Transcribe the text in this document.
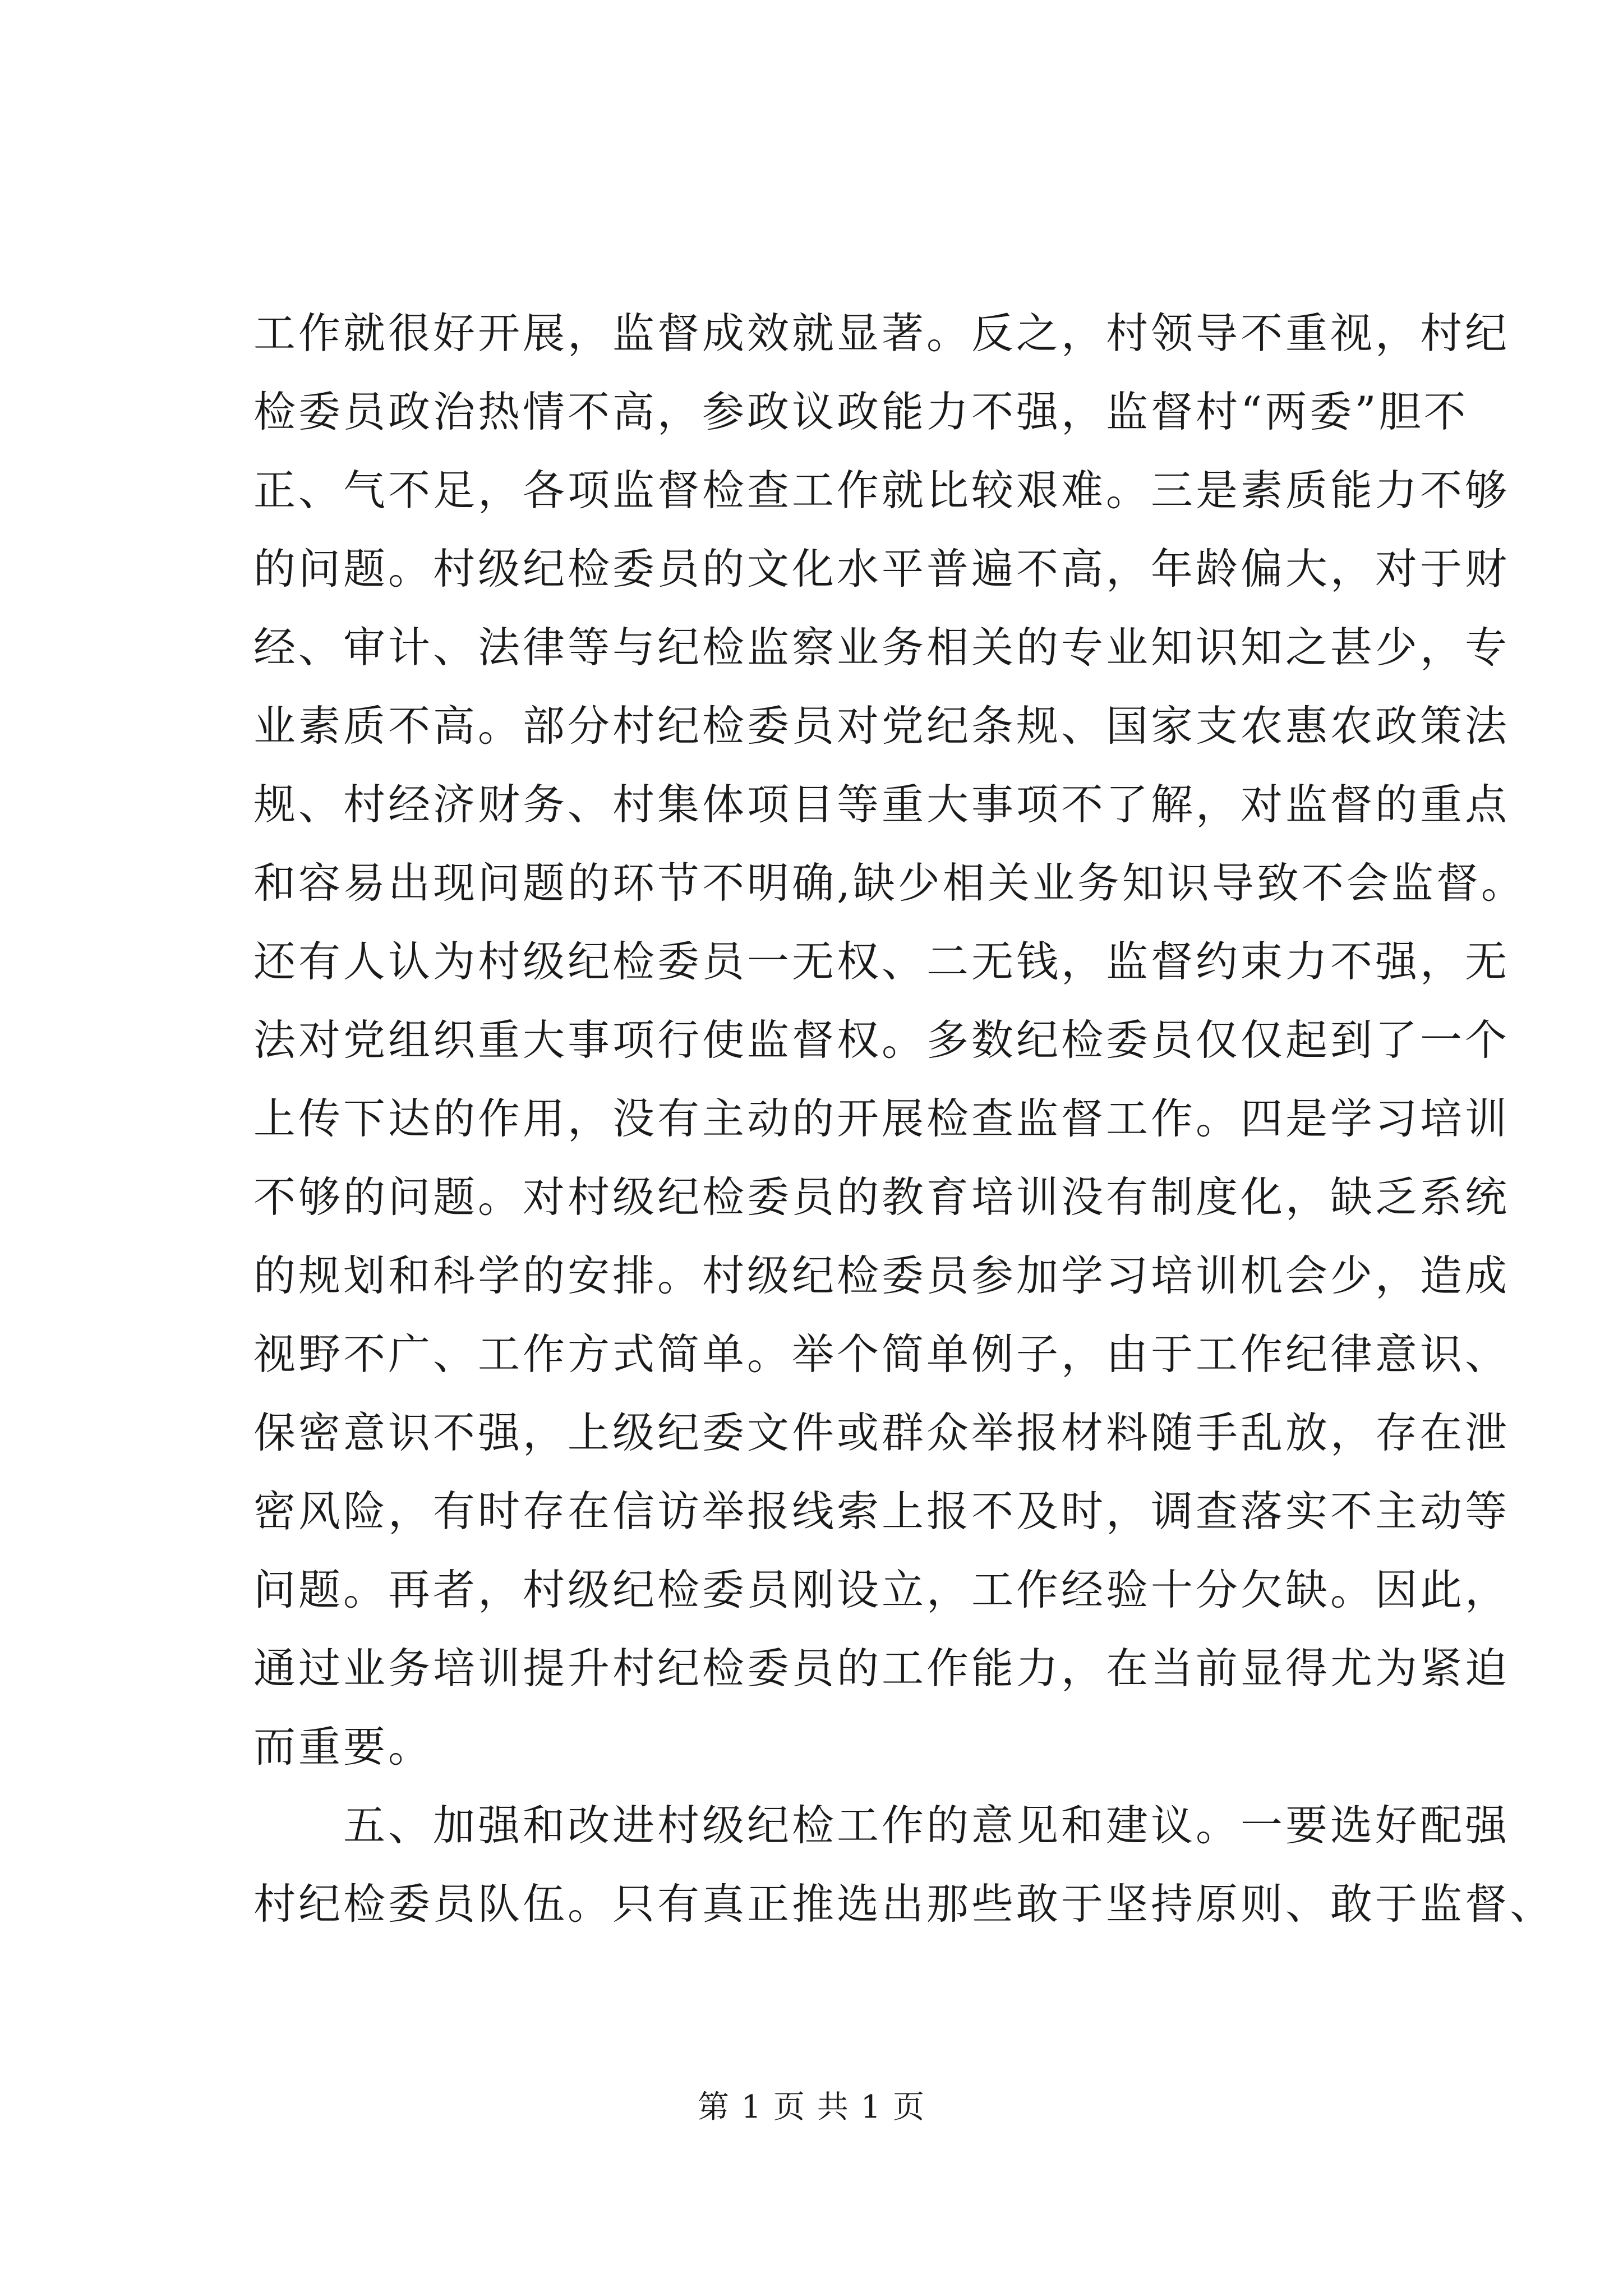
工作就很好开展，监督成效就显著。反之，村领导不重视，村纪
检委员政治热情不高，参政议政能力不强，监督村“两委”胆不
正、气不足，各项监督检查工作就比较艰难。三是素质能力不够
的问题。村级纪检委员的文化水平普遍不高，年龄偏大，对于财
经、审计、法律等与纪检监察业务相关的专业知识知之甚少，专
业素质不高。部分村纪检委员对党纪条规、国家支农惠农政策法
规、村经济财务、村集体项目等重大事项不了解，对监督的重点
和容易出现问题的环节不明确,缺少相关业务知识导致不会监督。
还有人认为村级纪检委员一无权、二无钱，监督约束力不强，无
法对党组织重大事项行使监督权。多数纪检委员仅仅起到了一个
上传下达的作用，没有主动的开展检查监督工作。四是学习培训
不够的问题。对村级纪检委员的教育培训没有制度化，缺乏系统
的规划和科学的安排。村级纪检委员参加学习培训机会少，造成
视野不广、工作方式简单。举个简单例子，由于工作纪律意识、
保密意识不强，上级纪委文件或群众举报材料随手乱放，存在泄
密风险，有时存在信访举报线索上报不及时，调查落实不主动等
问题。再者，村级纪检委员刚设立，工作经验十分欠缺。因此，
通过业务培训提升村纪检委员的工作能力，在当前显得尤为紧迫
而重要。
五、加强和改进村级纪检工作的意见和建议。一要选好配强
村纪检委员队伍。只有真正推选出那些敢于坚持原则、敢于监督、
第 1 页 共 1 页
